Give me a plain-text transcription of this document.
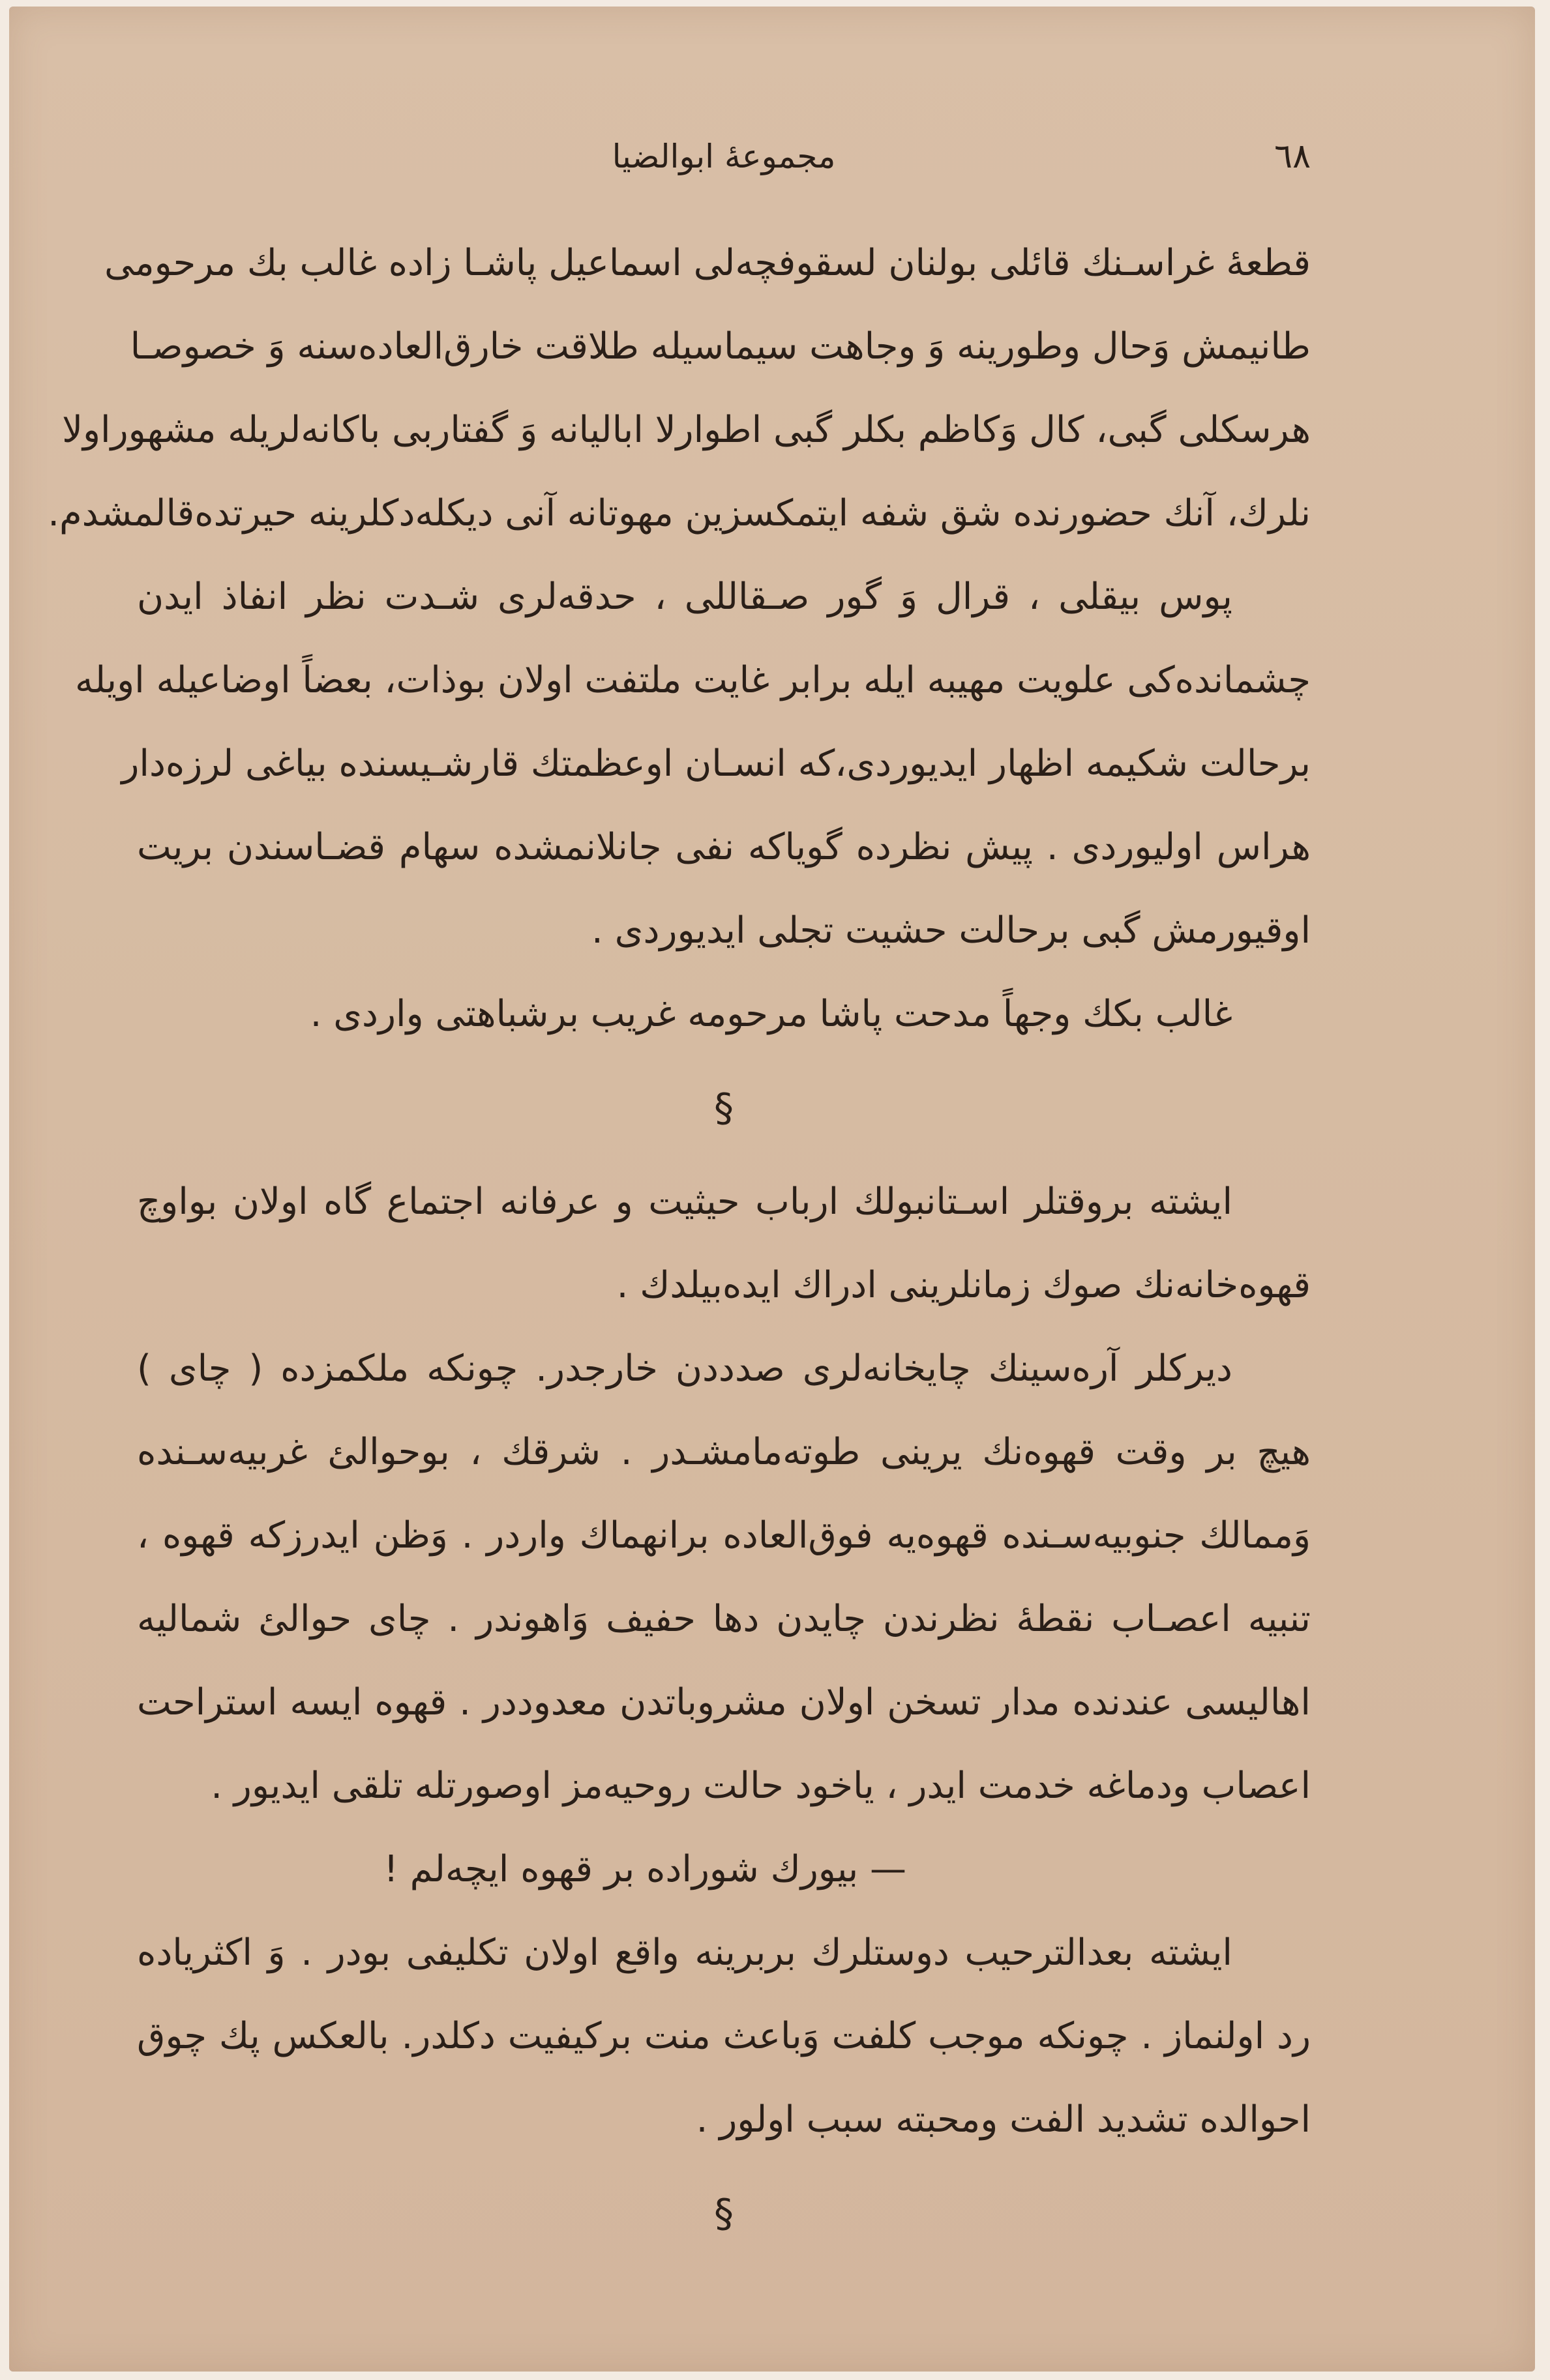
٦٨
مجموعهٔ ابوالضیا
قطعهٔ غراسـنك قائلی بولنان لسقوفچه‌لی اسماعیل پاشـا زاده غالب بك مرحومی
طانیمش وَحال وطورینه وَ وجاهت سیماسیله طلاقت خارق‌العاده‌سنه وَ خصوصـا
هرسکلی گبی، کال وَکاظم بکلر گبی اطوارلا ابالیانه وَ گفتاربی باکانه‌لریله مشهوراولا
نلرك، آنك حضورنده شق شفه ایتمکسزین مهوتانه آنی دیکله‌دکلرینه حیرتده‌قالمشدم.
پوس بیقلی ، قرال وَ گور صـقاللی ، حدقه‌لری شـدت نظر انفاذ ایدن
چشمانده‌کی علویت مهیبه ایله برابر غایت ملتفت اولان بوذات، بعضاً اوضاعیله اویله
برحالت شکیمه اظهار ایدیوردی،که انسـان اوعظمتك قارشـیسنده بیاغی لرزه‌دار
هراس اولیوردی . پیش نظرده گویاکه نفی جانلانمشده سهام قضـاسندن بریت
اوقیورمش گبی برحالت حشیت تجلی ایدیوردی .
غالب بکك وجهاً مدحت پاشا مرحومه غریب برشباهتی واردی .
§
ایشته بروقتلر اسـتانبولك ارباب حیثیت و عرفانه اجتماع گاه اولان بواوچ
قهوه‌خانه‌نك صوك زمانلرینی ادراك ایده‌بیلدك .
دیرکلر آره‌سینك چایخانه‌لری صدددن خارجدر. چونکه ملکمزده ( چای )
هیچ بر وقت قهوه‌نك یرینی طوته‌مامشـدر . شرقك ، بوحوالئ غربیه‌سـنده
وَممالك جنوبیه‌سـنده قهوه‌یه فوق‌العاده برانهماك واردر . وَظن ایدرزکه قهوه ،
تنبیه اعصـاب نقطهٔ نظرندن چایدن دها حفیف وَاهوندر . چای حوالئ شمالیه
اهالیسی عندنده مدار تسخن اولان مشروباتدن معدوددر . قهوه ایسه استراحت
اعصاب ودماغه خدمت ایدر ، یاخود حالت روحیه‌مز اوصورتله تلقی ایدیور .
— بیورك شوراده بر قهوه ایچه‌لم !
ایشته بعدالترحیب دوستلرك بربرینه واقع اولان تکلیفی بودر . وَ اکثریاده
رد اولنماز . چونکه موجب کلفت وَباعث منت برکیفیت دکلدر. بالعکس پك چوق
احوالده تشدید الفت ومحبته سبب اولور .
§
